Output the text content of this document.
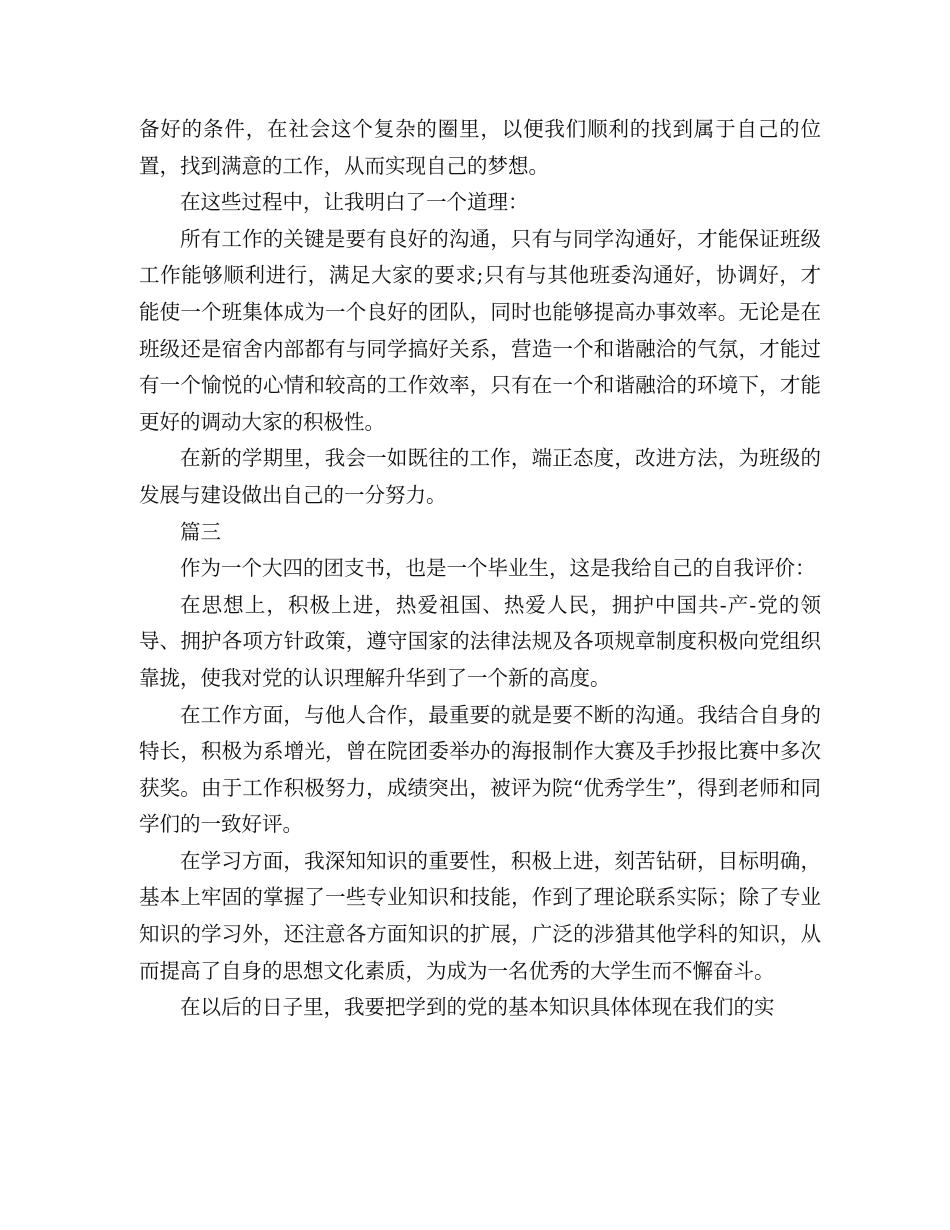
备好的条件，在社会这个复杂的圈里，以便我们顺利的找到属于自己的位置，找到满意的工作，从而实现自己的梦想。

在这些过程中，让我明白了一个道理：

所有工作的关键是要有良好的沟通，只有与同学沟通好，才能保证班级工作能够顺利进行，满足大家的要求;只有与其他班委沟通好，协调好，才能使一个班集体成为一个良好的团队，同时也能够提高办事效率。无论是在班级还是宿舍内部都有与同学搞好关系，营造一个和谐融洽的气氛，才能过有一个愉悦的心情和较高的工作效率，只有在一个和谐融洽的环境下，才能更好的调动大家的积极性。

在新的学期里，我会一如既往的工作，端正态度，改进方法，为班级的发展与建设做出自己的一分努力。

篇三

作为一个大四的团支书，也是一个毕业生，这是我给自己的自我评价：

在思想上，积极上进，热爱祖国、热爱人民，拥护中国共-产-党的领导、拥护各项方针政策，遵守国家的法律法规及各项规章制度积极向党组织靠拢，使我对党的认识理解升华到了一个新的高度。

在工作方面，与他人合作，最重要的就是要不断的沟通。我结合自身的特长，积极为系增光，曾在院团委举办的海报制作大赛及手抄报比赛中多次获奖。由于工作积极努力，成绩突出，被评为院“优秀学生”，得到老师和同学们的一致好评。

在学习方面，我深知知识的重要性，积极上进，刻苦钻研，目标明确，基本上牢固的掌握了一些专业知识和技能，作到了理论联系实际；除了专业知识的学习外，还注意各方面知识的扩展，广泛的涉猎其他学科的知识，从而提高了自身的思想文化素质，为成为一名优秀的大学生而不懈奋斗。

在以后的日子里，我要把学到的党的基本知识具体体现在我们的实
